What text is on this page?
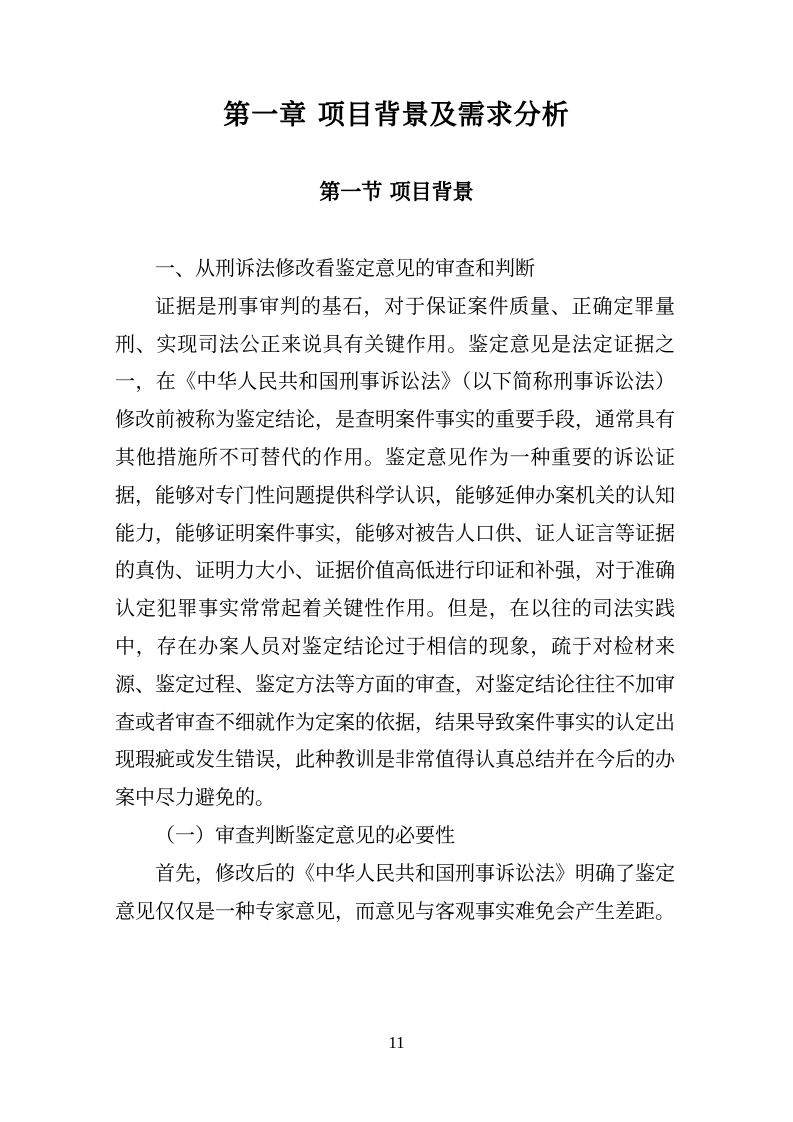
第一章 项目背景及需求分析
第一节 项目背景

一、从刑诉法修改看鉴定意见的审查和判断

证据是刑事审判的基石，对于保证案件质量、正确定罪量刑、实现司法公正来说具有关键作用。鉴定意见是法定证据之一，在《中华人民共和国刑事诉讼法》（以下简称刑事诉讼法）修改前被称为鉴定结论，是查明案件事实的重要手段，通常具有其他措施所不可替代的作用。鉴定意见作为一种重要的诉讼证据，能够对专门性问题提供科学认识，能够延伸办案机关的认知能力，能够证明案件事实，能够对被告人口供、证人证言等证据的真伪、证明力大小、证据价值高低进行印证和补强，对于准确认定犯罪事实常常起着关键性作用。但是，在以往的司法实践中，存在办案人员对鉴定结论过于相信的现象，疏于对检材来源、鉴定过程、鉴定方法等方面的审查，对鉴定结论往往不加审查或者审查不细就作为定案的依据，结果导致案件事实的认定出现瑕疵或发生错误，此种教训是非常值得认真总结并在今后的办案中尽力避免的。

（一）审查判断鉴定意见的必要性

首先，修改后的《中华人民共和国刑事诉讼法》明确了鉴定意见仅仅是一种专家意见，而意见与客观事实难免会产生差距。

11
